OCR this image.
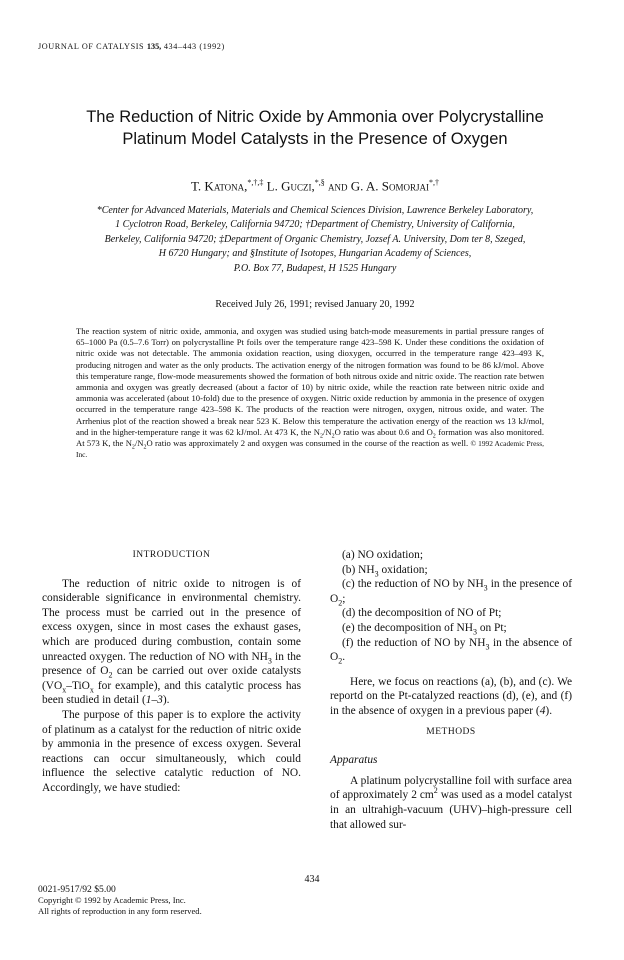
JOURNAL OF CATALYSIS 135, 434–443 (1992)
The Reduction of Nitric Oxide by Ammonia over Polycrystalline
Platinum Model Catalysts in the Presence of Oxygen
T. Katona,*,†,‡ L. Guczi,*,§ and G. A. Somorjai*,†
*Center for Advanced Materials, Materials and Chemical Sciences Division, Lawrence Berkeley Laboratory,
1 Cyclotron Road, Berkeley, California 94720; †Department of Chemistry, University of California,
Berkeley, California 94720; ‡Department of Organic Chemistry, Jozsef A. University, Dom ter 8, Szeged,
H 6720 Hungary; and §Institute of Isotopes, Hungarian Academy of Sciences,
P.O. Box 77, Budapest, H 1525 Hungary
Received July 26, 1991; revised January 20, 1992

The reaction system of nitric oxide, ammonia, and oxygen was studied using batch-mode measurements in partial pressure ranges of 65–1000 Pa (0.5–7.6 Torr) on polycrystalline Pt foils over the temperature range 423–598 K. Under these conditions the oxidation of nitric oxide was not detectable. The ammonia oxidation reaction, using dioxygen, occurred in the temperature range 423–493 K, producing nitrogen and water as the only products. The activation energy of the nitrogen formation was found to be 86 kJ/mol. Above this temperature range, flow-mode measurements showed the formation of both nitrous oxide and nitric oxide. The reaction rate betwen ammonia and oxygen was greatly decreased (about a factor of 10) by nitric oxide, while the reaction rate between nitric oxide and ammonia was accelerated (about 10-fold) due to the presence of oxygen. Nitric oxide reduction by ammonia in the presence of oxygen occurred in the temperature range 423–598 K. The products of the reaction were nitrogen, oxygen, nitrous oxide, and water. The Arrhenius plot of the reaction showed a break near 523 K. Below this temperature the activation energy of the reaction ws 13 kJ/mol, and in the higher-temperature range it was 62 kJ/mol. At 473 K, the $N_2/N_2O$ ratio was about 0.6 and $O_2$ formation was also monitored. At 573 K, the $N_2/N_2O$ ratio was approximately 2 and oxygen was consumed in the course of the reaction as well. © 1992 Academic Press, Inc.

INTRODUCTION

The reduction of nitric oxide to nitrogen is of considerable significance in environmental chemistry. The process must be carried out in the presence of excess oxygen, since in most cases the exhaust gases, which are produced during combustion, contain some unreacted oxygen. The reduction of NO with $NH_3$ in the presence of $O_2$ can be carried out over oxide catalysts ($VO_x-TiO_x$ for example), and this catalytic process has been studied in detail (1–3).

The purpose of this paper is to explore the activity of platinum as a catalyst for the reduction of nitric oxide by ammonia in the presence of excess oxygen. Several reactions can occur simultaneously, which could influence the selective catalytic reduction of NO. Accordingly, we have studied:

(a) NO oxidation;

(b) $NH_3$ oxidation;

(c) the reduction of NO by $NH_3$ in the presence of $O_2$;

(d) the decomposition of NO of Pt;

(e) the decomposition of $NH_3$ on Pt;

(f) the reduction of NO by $NH_3$ in the absence of $O_2$.

Here, we focus on reactions (a), (b), and (c). We reportd on the Pt-catalyzed reactions (d), (e), and (f) in the absence of oxygen in a previous paper (4).

METHODS
Apparatus

A platinum polycrystalline foil with surface area of approximately 2 $cm^2$ was used as a model catalyst in an ultrahigh-vacuum (UHV)–high-pressure cell that allowed sur-

434
0021-9517/92 $5.00
Copyright © 1992 by Academic Press, Inc.
All rights of reproduction in any form reserved.
